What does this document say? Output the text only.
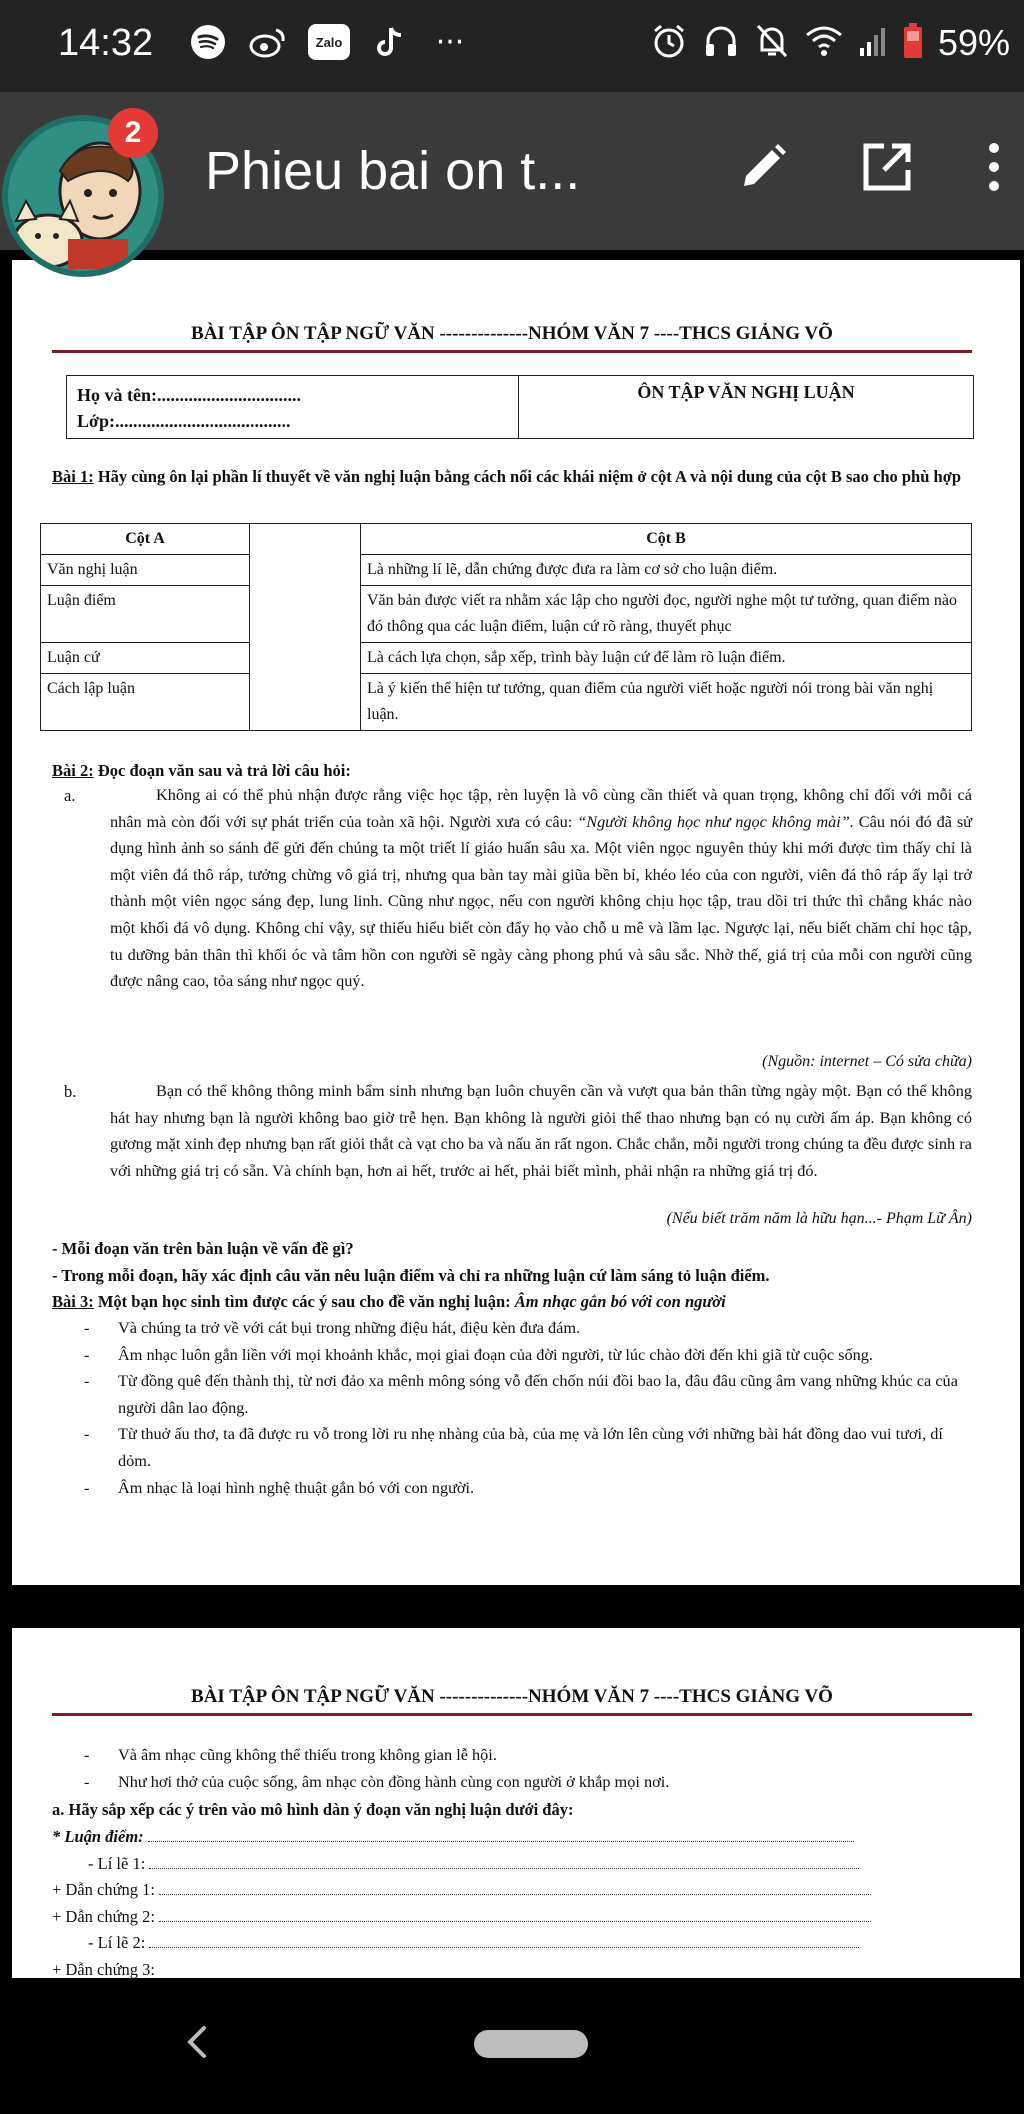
14:32	Zalo	···	59%
2
Phieu bai on t...
BÀI TẬP ÔN TẬP NGỮ VĂN --------------NHÓM VĂN 7 ----THCS GIẢNG VÕ
Họ và tên:................................
Lớp:.......................................
ÔN TẬP VĂN NGHỊ LUẬN
Bài 1: Hãy cùng ôn lại phần lí thuyết về văn nghị luận bằng cách nối các khái niệm ở cột A và nội dung của cột B sao cho phù hợp
Cột A		Cột B
Văn nghị luận		Là những lí lẽ, dẫn chứng được đưa ra làm cơ sở cho luận điểm.
Luận điểm		Văn bản được viết ra nhằm xác lập cho người đọc, người nghe một tư tưởng, quan điểm nào đó thông qua các luận điểm, luận cứ rõ ràng, thuyết phục
Luận cứ		Là cách lựa chọn, sắp xếp, trình bày luận cứ để làm rõ luận điểm.
Cách lập luận		Là ý kiến thể hiện tư tưởng, quan điểm của người viết hoặc người nói trong bài văn nghị luận.
Bài 2: Đọc đoạn văn sau và trả lời câu hỏi:
a.	Không ai có thể phủ nhận được rằng việc học tập, rèn luyện là vô cùng cần thiết và quan trọng, không chỉ đối với mỗi cá nhân mà còn đối với sự phát triển của toàn xã hội. Người xưa có câu: “Người không học như ngọc không mài”. Câu nói đó đã sử dụng hình ảnh so sánh để gửi đến chúng ta một triết lí giáo huấn sâu xa. Một viên ngọc nguyên thủy khi mới được tìm thấy chỉ là một viên đá thô ráp, tưởng chừng vô giá trị, nhưng qua bàn tay mài giũa bền bỉ, khéo léo của con người, viên đá thô ráp ấy lại trở thành một viên ngọc sáng đẹp, lung linh. Cũng như ngọc, nếu con người không chịu học tập, trau dồi tri thức thì chẳng khác nào một khối đá vô dụng. Không chỉ vậy, sự thiếu hiểu biết còn đẩy họ vào chỗ u mê và lầm lạc. Ngược lại, nếu biết chăm chỉ học tập, tu dưỡng bản thân thì khối óc và tâm hồn con người sẽ ngày càng phong phú và sâu sắc. Nhờ thế, giá trị của mỗi con người cũng được nâng cao, tỏa sáng như ngọc quý.
(Nguồn: internet – Có sửa chữa)
b.	Bạn có thể không thông minh bẩm sinh nhưng bạn luôn chuyên cần và vượt qua bản thân từng ngày một. Bạn có thể không hát hay nhưng bạn là người không bao giờ trễ hẹn. Bạn không là người giỏi thể thao nhưng bạn có nụ cười ấm áp. Bạn không có gương mặt xinh đẹp nhưng bạn rất giỏi thắt cà vạt cho ba và nấu ăn rất ngon. Chắc chắn, mỗi người trong chúng ta đều được sinh ra với những giá trị có sẵn. Và chính bạn, hơn ai hết, trước ai hết, phải biết mình, phải nhận ra những giá trị đó.
(Nếu biết trăm năm là hữu hạn...- Phạm Lữ Ân)
- Mỗi đoạn văn trên bàn luận về vấn đề gì?
- Trong mỗi đoạn, hãy xác định câu văn nêu luận điểm và chỉ ra những luận cứ làm sáng tỏ luận điểm.
Bài 3: Một bạn học sinh tìm được các ý sau cho đề văn nghị luận: Âm nhạc gắn bó với con người
- Và chúng ta trở về với cát bụi trong những điệu hát, điệu kèn đưa đám.
- Âm nhạc luôn gắn liền với mọi khoảnh khắc, mọi giai đoạn của đời người, từ lúc chào đời đến khi giã từ cuộc sống.
- Từ đồng quê đến thành thị, từ nơi đảo xa mênh mông sóng vỗ đến chốn núi đồi bao la, đâu đâu cũng âm vang những khúc ca của người dân lao động.
- Từ thuở ấu thơ, ta đã được ru vỗ trong lời ru nhẹ nhàng của bà, của mẹ và lớn lên cùng với những bài hát đồng dao vui tươi, dí dỏm.
- Âm nhạc là loại hình nghệ thuật gắn bó với con người.
BÀI TẬP ÔN TẬP NGỮ VĂN --------------NHÓM VĂN 7 ----THCS GIẢNG VÕ
- Và âm nhạc cũng không thể thiếu trong không gian lễ hội.
- Như hơi thở của cuộc sống, âm nhạc còn đồng hành cùng con người ở khắp mọi nơi.
a. Hãy sắp xếp các ý trên vào mô hình dàn ý đoạn văn nghị luận dưới đây:
* Luận điểm:
- Lí lẽ 1:
+ Dẫn chứng 1:
+ Dẫn chứng 2:
- Lí lẽ 2:
+ Dẫn chứng 3:
